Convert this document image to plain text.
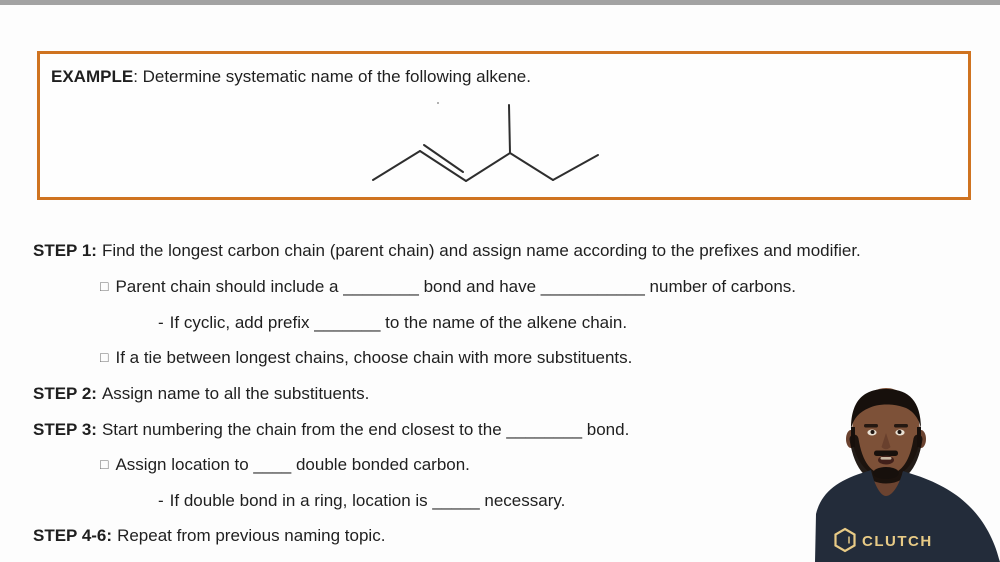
EXAMPLE: Determine systematic name of the following alkene.
STEP 1: Find the longest carbon chain (parent chain) and assign name according to the prefixes and modifier.
□ Parent chain should include a ________ bond and have ___________ number of carbons.
- If cyclic, add prefix _______ to the name of the alkene chain.
□ If a tie between longest chains, choose chain with more substituents.
STEP 2: Assign name to all the substituents.
STEP 3: Start numbering the chain from the end closest to the ________ bond.
□ Assign location to ____ double bonded carbon.
- If double bond in a ring, location is _____ necessary.
STEP 4-6: Repeat from previous naming topic.	CLUTCH
